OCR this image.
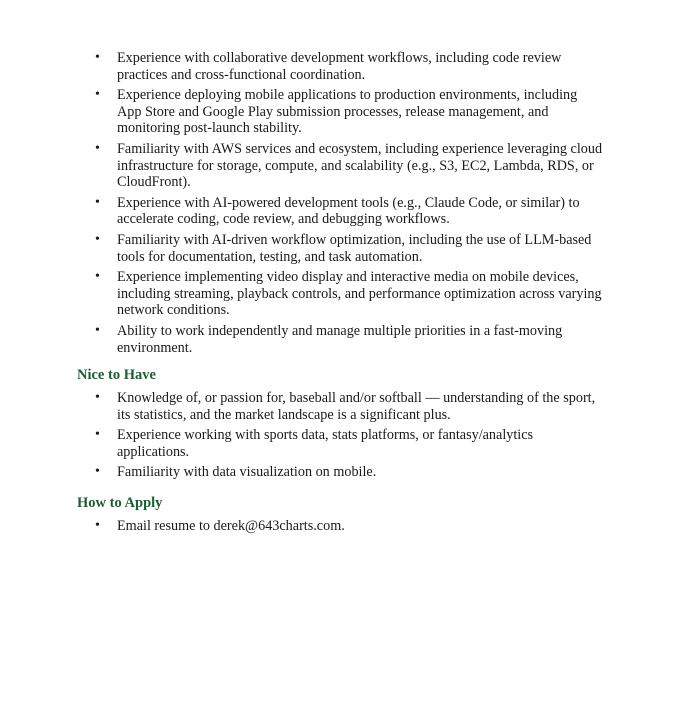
• Experience with collaborative development workflows, including code review practices and cross-functional coordination.
• Experience deploying mobile applications to production environments, including App Store and Google Play submission processes, release management, and monitoring post-launch stability.
• Familiarity with AWS services and ecosystem, including experience leveraging cloud infrastructure for storage, compute, and scalability (e.g., S3, EC2, Lambda, RDS, or CloudFront).
• Experience with AI-powered development tools (e.g., Claude Code, or similar) to accelerate coding, code review, and debugging workflows.
• Familiarity with AI-driven workflow optimization, including the use of LLM-based tools for documentation, testing, and task automation.
• Experience implementing video display and interactive media on mobile devices, including streaming, playback controls, and performance optimization across varying network conditions.
• Ability to work independently and manage multiple priorities in a fast-moving environment.
Nice to Have
• Knowledge of, or passion for, baseball and/or softball — understanding of the sport, its statistics, and the market landscape is a significant plus.
• Experience working with sports data, stats platforms, or fantasy/analytics applications.
• Familiarity with data visualization on mobile.
How to Apply
• Email resume to derek@643charts.com.
